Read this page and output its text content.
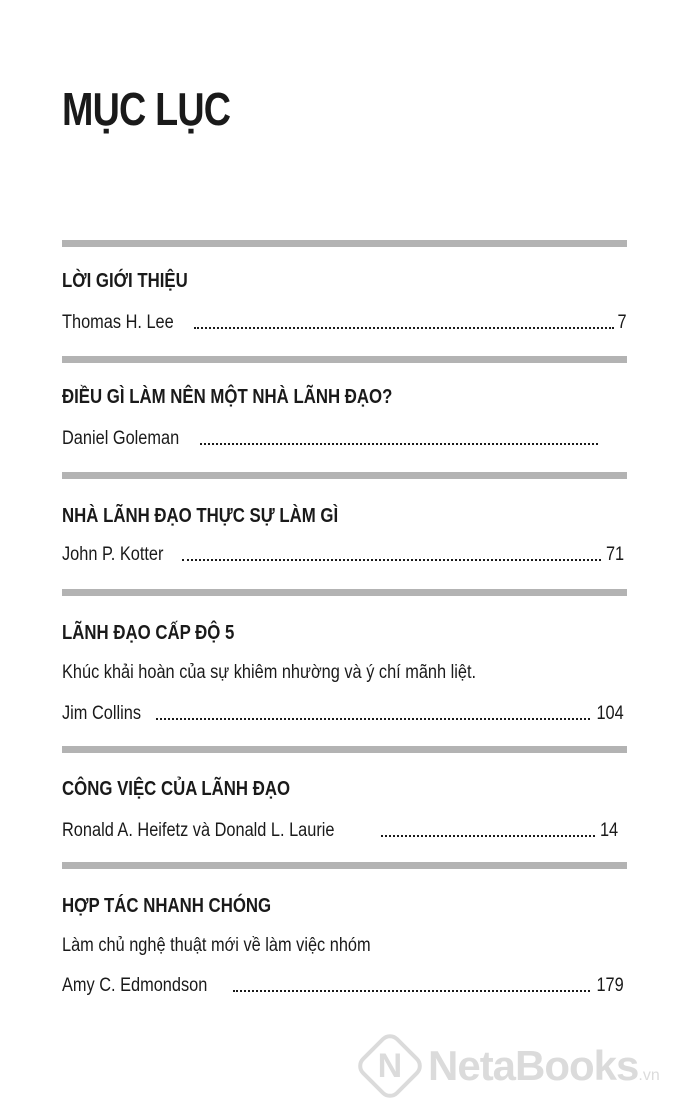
MỤC LỤC
LỜI GIỚI THIỆU
Thomas H. Lee	7
ĐIỀU GÌ LÀM NÊN MỘT NHÀ LÃNH ĐẠO?
Daniel Goleman
NHÀ LÃNH ĐẠO THỰC SỰ LÀM GÌ
John P. Kotter	71
LÃNH ĐẠO CẤP ĐỘ 5
Khúc khải hoàn của sự khiêm nhường và ý chí mãnh liệt.
Jim Collins	104
CÔNG VIỆC CỦA LÃNH ĐẠO
Ronald A. Heifetz và Donald L. Laurie	14
HỢP TÁC NHANH CHÓNG
Làm chủ nghệ thuật mới về làm việc nhóm
Amy C. Edmondson	179
N NetaBooks.vn
